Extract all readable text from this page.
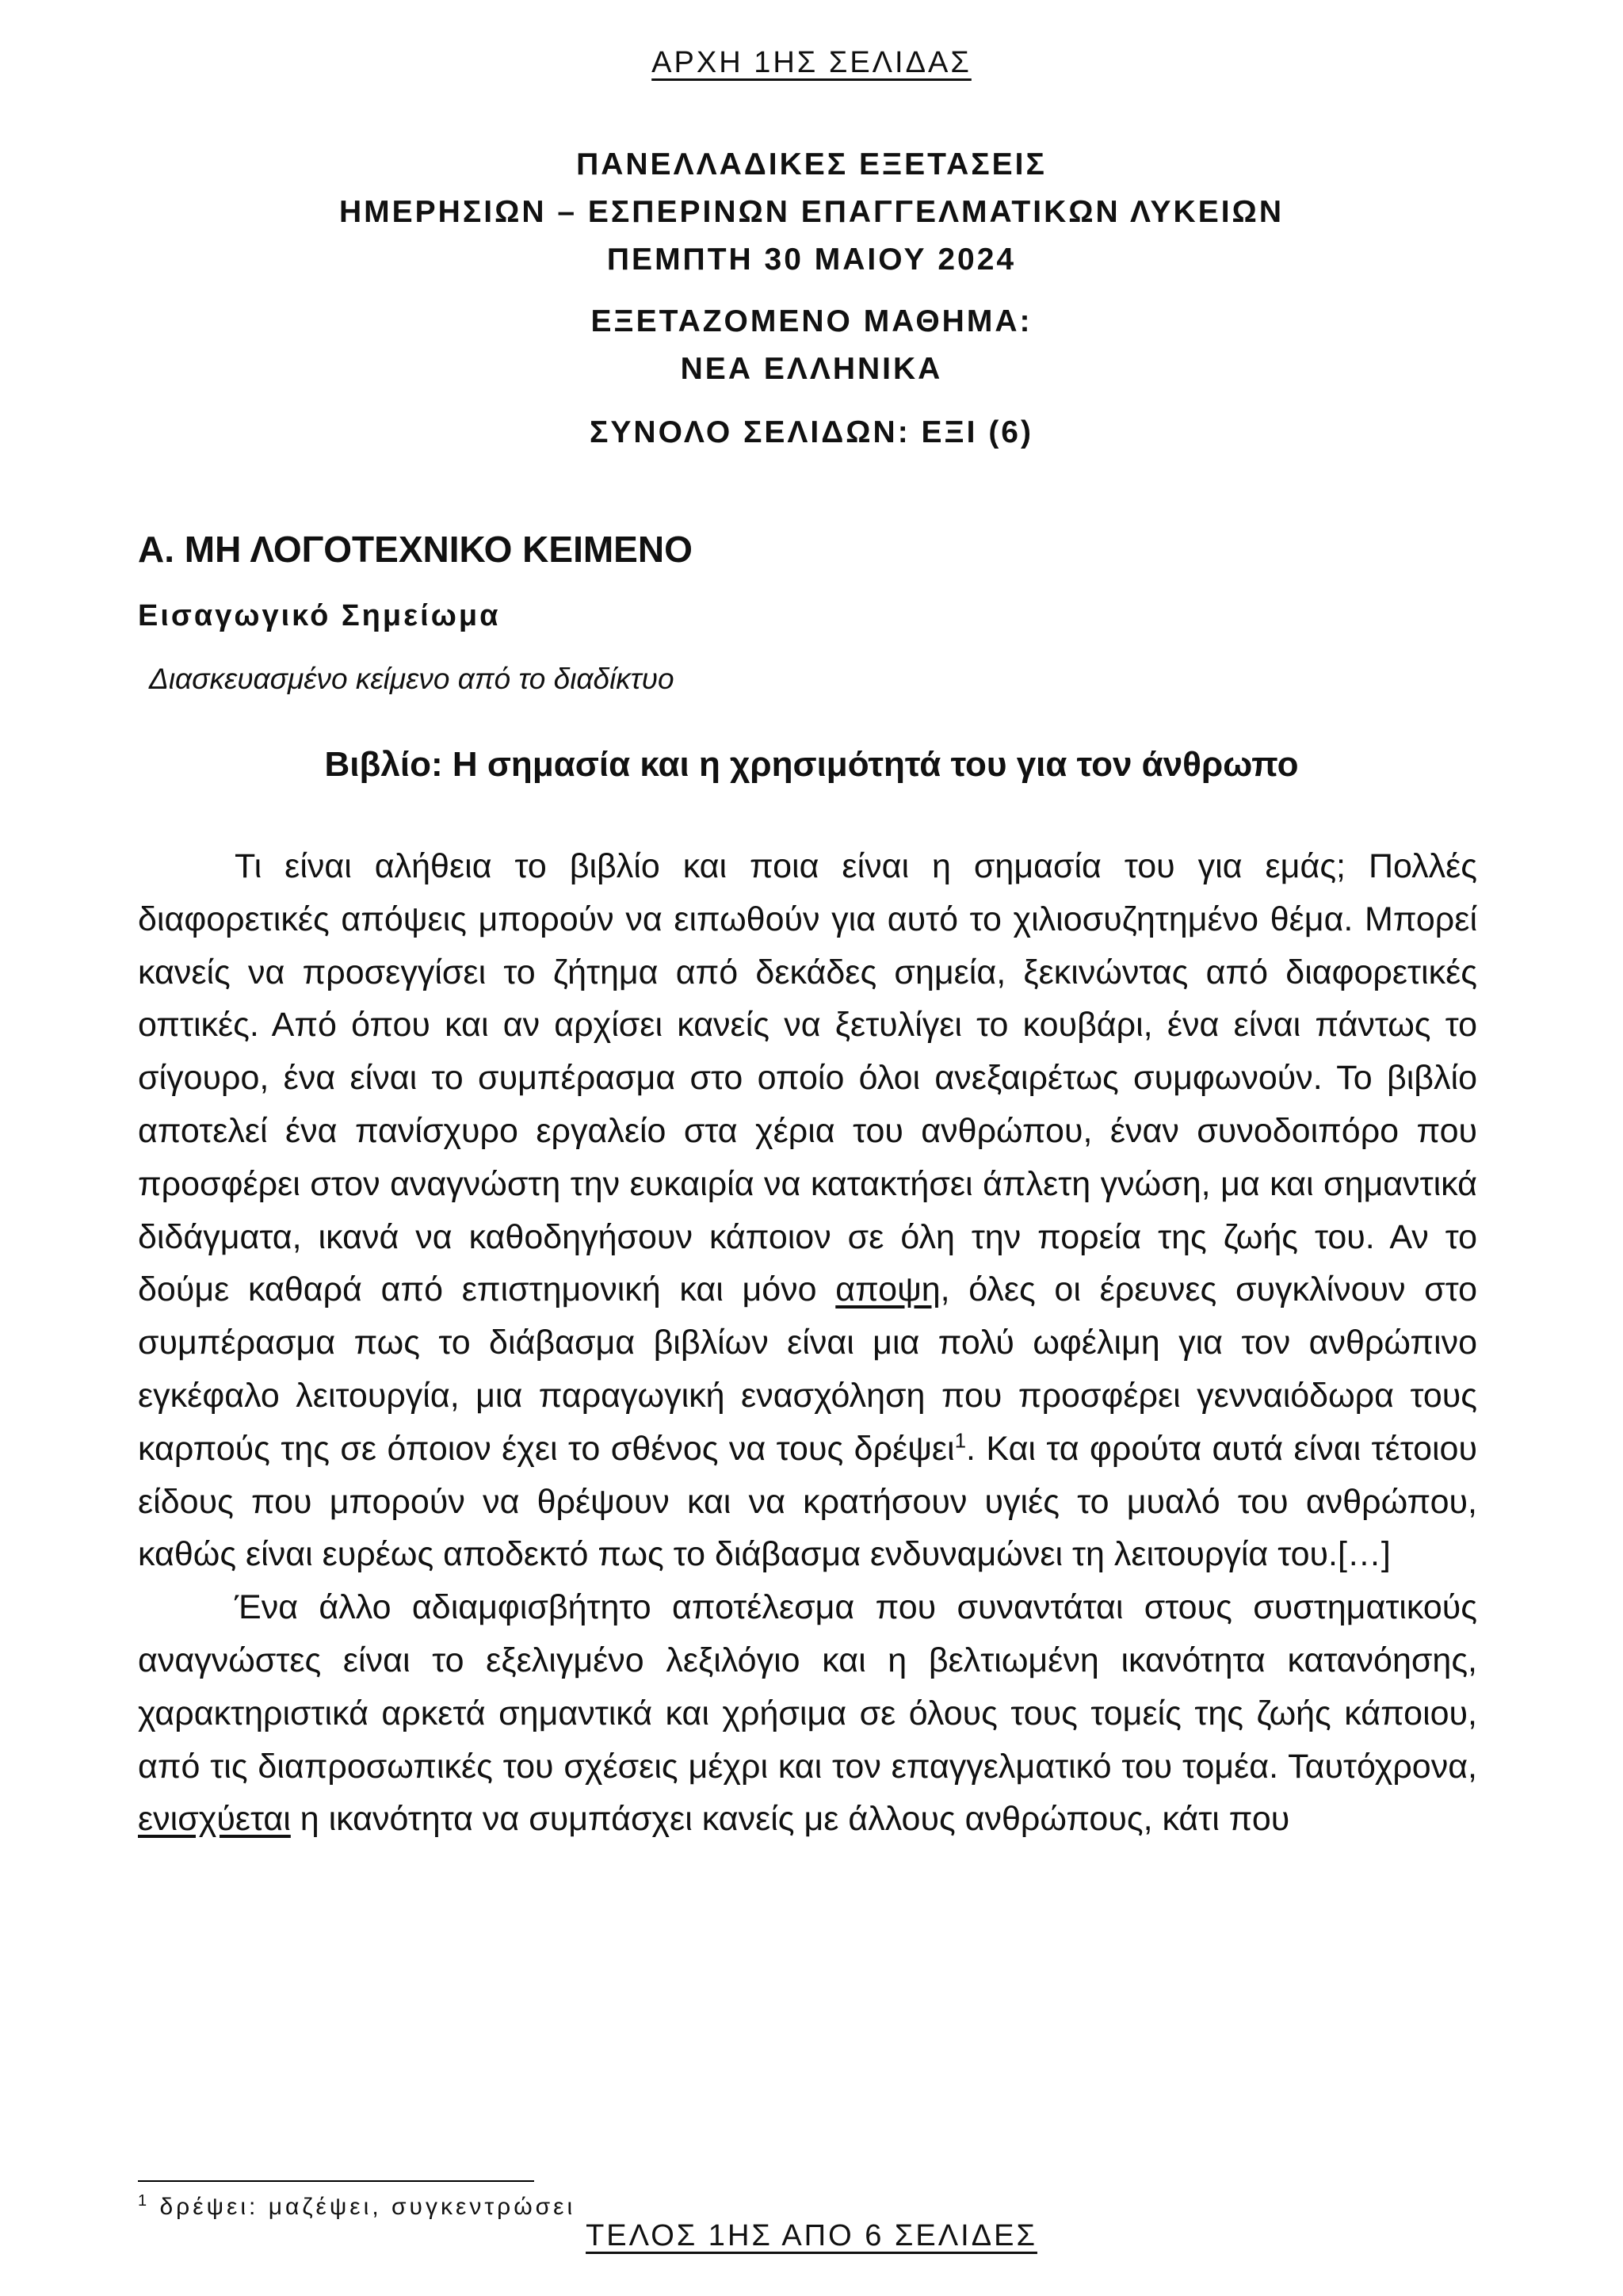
ΑΡΧΗ 1ΗΣ ΣΕΛΙΔΑΣ
ΠΑΝΕΛΛΑΔΙΚΕΣ ΕΞΕΤΑΣΕΙΣ
ΗΜΕΡΗΣΙΩΝ – ΕΣΠΕΡΙΝΩΝ ΕΠΑΓΓΕΛΜΑΤΙΚΩΝ ΛΥΚΕΙΩΝ
ΠΕΜΠΤΗ 30 ΜΑΙΟΥ 2024
ΕΞΕΤΑΖΟΜΕΝΟ ΜΑΘΗΜΑ:
ΝΕΑ ΕΛΛΗΝΙΚΑ
ΣΥΝΟΛΟ ΣΕΛΙΔΩΝ: ΕΞΙ (6)
Α. ΜΗ ΛΟΓΟΤΕΧΝΙΚΟ ΚΕΙΜΕΝΟ
Εισαγωγικό Σημείωμα
Διασκευασμένο κείμενο από το διαδίκτυο
Βιβλίο: Η σημασία και η χρησιμότητά του για τον άνθρωπο

Τι είναι αλήθεια το βιβλίο και ποια είναι η σημασία του για εμάς; Πολλές διαφορετικές απόψεις μπορούν να ειπωθούν για αυτό το χιλιοσυζητημένο θέμα. Μπορεί κανείς να προσεγγίσει το ζήτημα από δεκάδες σημεία, ξεκινώντας από διαφορετικές οπτικές. Από όπου και αν αρχίσει κανείς να ξετυλίγει το κουβάρι, ένα είναι πάντως το σίγουρο, ένα είναι το συμπέρασμα στο οποίο όλοι ανεξαιρέτως συμφωνούν. Το βιβλίο αποτελεί ένα πανίσχυρο εργαλείο στα χέρια του ανθρώπου, έναν συνοδοιπόρο που προσφέρει στον αναγνώστη την ευκαιρία να κατακτήσει άπλετη γνώση, μα και σημαντικά διδάγματα, ικανά να καθοδηγήσουν κάποιον σε όλη την πορεία της ζωής του. Αν το δούμε καθαρά από επιστημονική και μόνο αποψη, όλες οι έρευνες συγκλίνουν στο συμπέρασμα πως το διάβασμα βιβλίων είναι μια πολύ ωφέλιμη για τον ανθρώπινο εγκέφαλο λειτουργία, μια παραγωγική ενασχόληση που προσφέρει γενναιόδωρα τους καρπούς της σε όποιον έχει το σθένος να τους δρέψει$^1$. Και τα φρούτα αυτά είναι τέτοιου είδους που μπορούν να θρέψουν και να κρατήσουν υγιές το μυαλό του ανθρώπου, καθώς είναι ευρέως αποδεκτό πως το διάβασμα ενδυναμώνει τη λειτουργία του.[…]

Ένα άλλο αδιαμφισβήτητο αποτέλεσμα που συναντάται στους συστηματικούς αναγνώστες είναι το εξελιγμένο λεξιλόγιο και η βελτιωμένη ικανότητα κατανόησης, χαρακτηριστικά αρκετά σημαντικά και χρήσιμα σε όλους τους τομείς της ζωής κάποιου, από τις διαπροσωπικές του σχέσεις μέχρι και τον επαγγελματικό του τομέα. Ταυτόχρονα, ενισχύεται η ικανότητα να συμπάσχει κανείς με άλλους ανθρώπους, κάτι που

$^1$ δρέψει: μαζέψει, συγκεντρώσει
ΤΕΛΟΣ 1ΗΣ ΑΠΟ 6 ΣΕΛΙΔΕΣ
